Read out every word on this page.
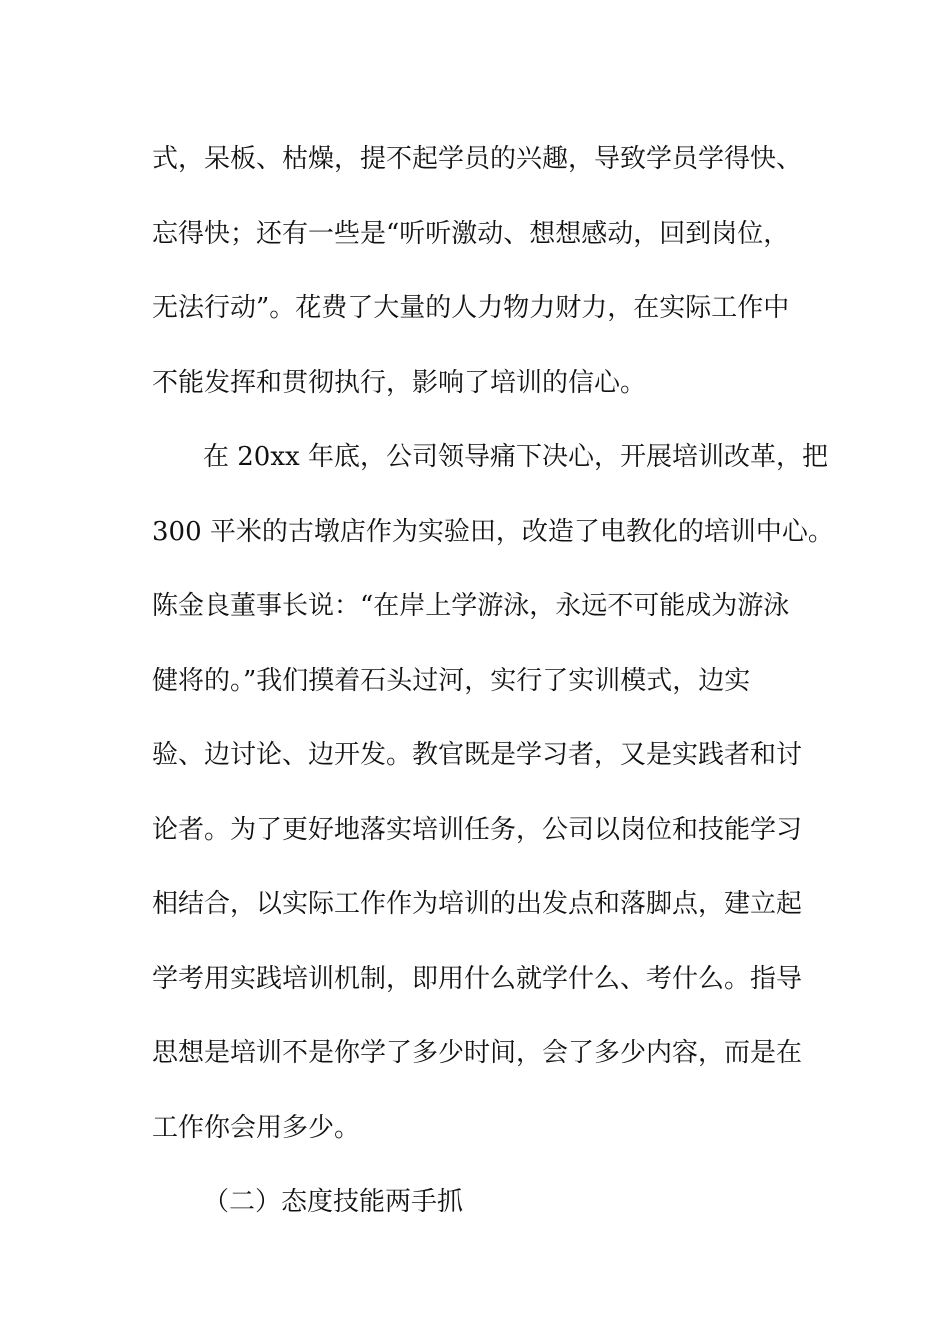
式，呆板、枯燥，提不起学员的兴趣，导致学员学得快、
忘得快；还有一些是“听听激动、想想感动，回到岗位，
无法行动”。花费了大量的人力物力财力，在实际工作中
不能发挥和贯彻执行，影响了培训的信心。
在 20xx 年底，公司领导痛下决心，开展培训改革，把
300 平米的古墩店作为实验田，改造了电教化的培训中心。
陈金良董事长说：“在岸上学游泳，永远不可能成为游泳
健将的。”我们摸着石头过河，实行了实训模式，边实
验、边讨论、边开发。教官既是学习者，又是实践者和讨
论者。为了更好地落实培训任务，公司以岗位和技能学习
相结合，以实际工作作为培训的出发点和落脚点，建立起
学考用实践培训机制，即用什么就学什么、考什么。指导
思想是培训不是你学了多少时间，会了多少内容，而是在
工作你会用多少。
（二）态度技能两手抓
